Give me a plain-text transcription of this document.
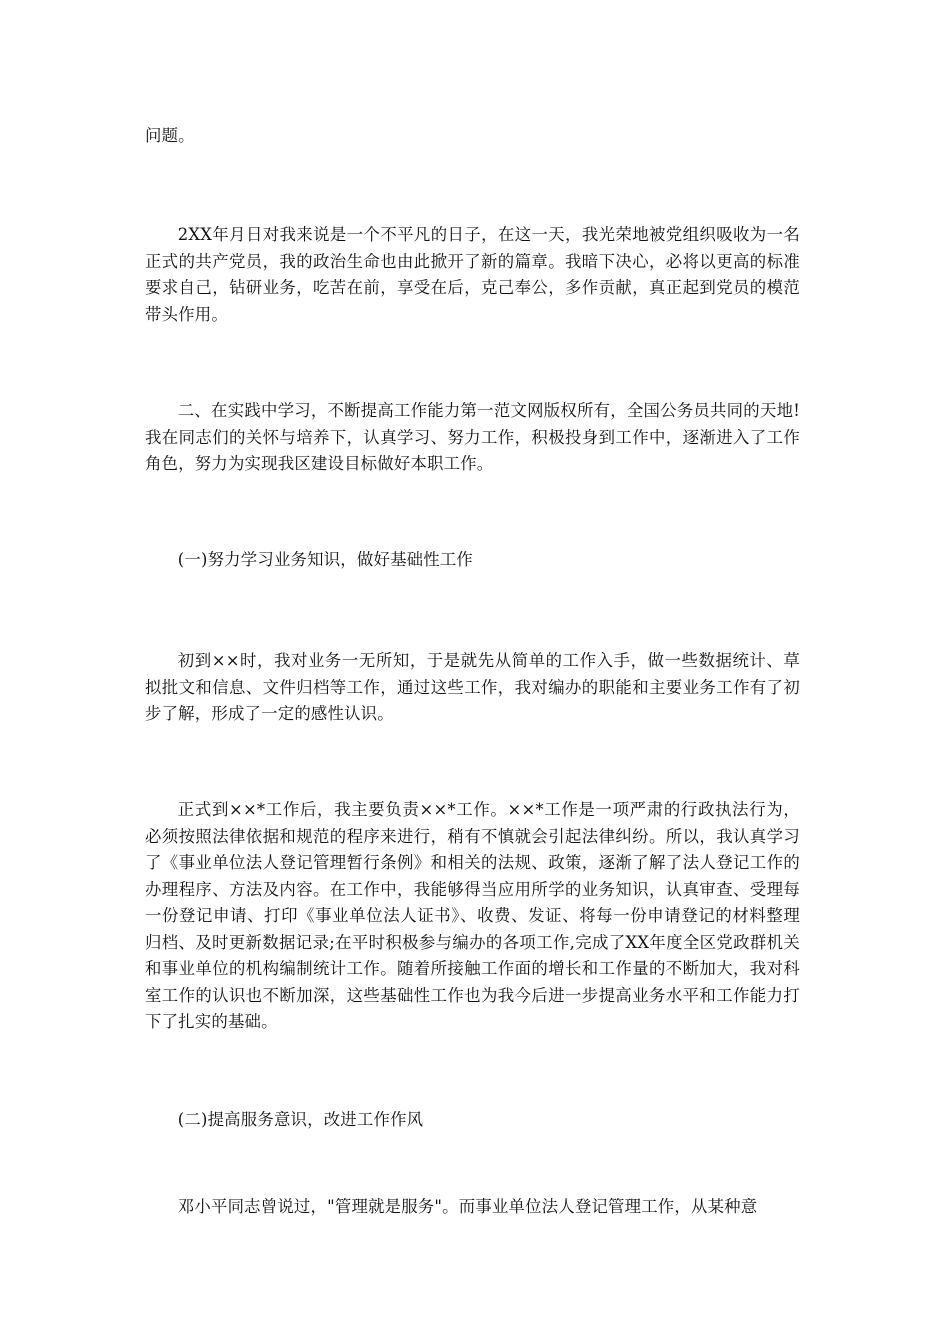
问题。

2XX年月日对我来说是一个不平凡的日子，在这一天，我光荣地被党组织吸收为一名正式的共产党员，我的政治生命也由此掀开了新的篇章。我暗下决心，必将以更高的标准要求自己，钻研业务，吃苦在前，享受在后，克己奉公，多作贡献，真正起到党员的模范带头作用。

二、在实践中学习，不断提高工作能力第一范文网版权所有，全国公务员共同的天地!我在同志们的关怀与培养下，认真学习、努力工作，积极投身到工作中，逐渐进入了工作角色，努力为实现我区建设目标做好本职工作。

(一)努力学习业务知识，做好基础性工作

初到××时，我对业务一无所知，于是就先从简单的工作入手，做一些数据统计、草拟批文和信息、文件归档等工作，通过这些工作，我对编办的职能和主要业务工作有了初步了解，形成了一定的感性认识。

正式到××*工作后，我主要负责××*工作。××*工作是一项严肃的行政执法行为，必须按照法律依据和规范的程序来进行，稍有不慎就会引起法律纠纷。所以，我认真学习了《事业单位法人登记管理暂行条例》和相关的法规、政策，逐渐了解了法人登记工作的办理程序、方法及内容。在工作中，我能够得当应用所学的业务知识，认真审查、受理每一份登记申请、打印《事业单位法人证书》、收费、发证、将每一份申请登记的材料整理归档、及时更新数据记录;在平时积极参与编办的各项工作,完成了XX年度全区党政群机关和事业单位的机构编制统计工作。随着所接触工作面的增长和工作量的不断加大，我对科室工作的认识也不断加深，这些基础性工作也为我今后进一步提高业务水平和工作能力打下了扎实的基础。

(二)提高服务意识，改进工作作风

邓小平同志曾说过，"管理就是服务"。而事业单位法人登记管理工作，从某种意
